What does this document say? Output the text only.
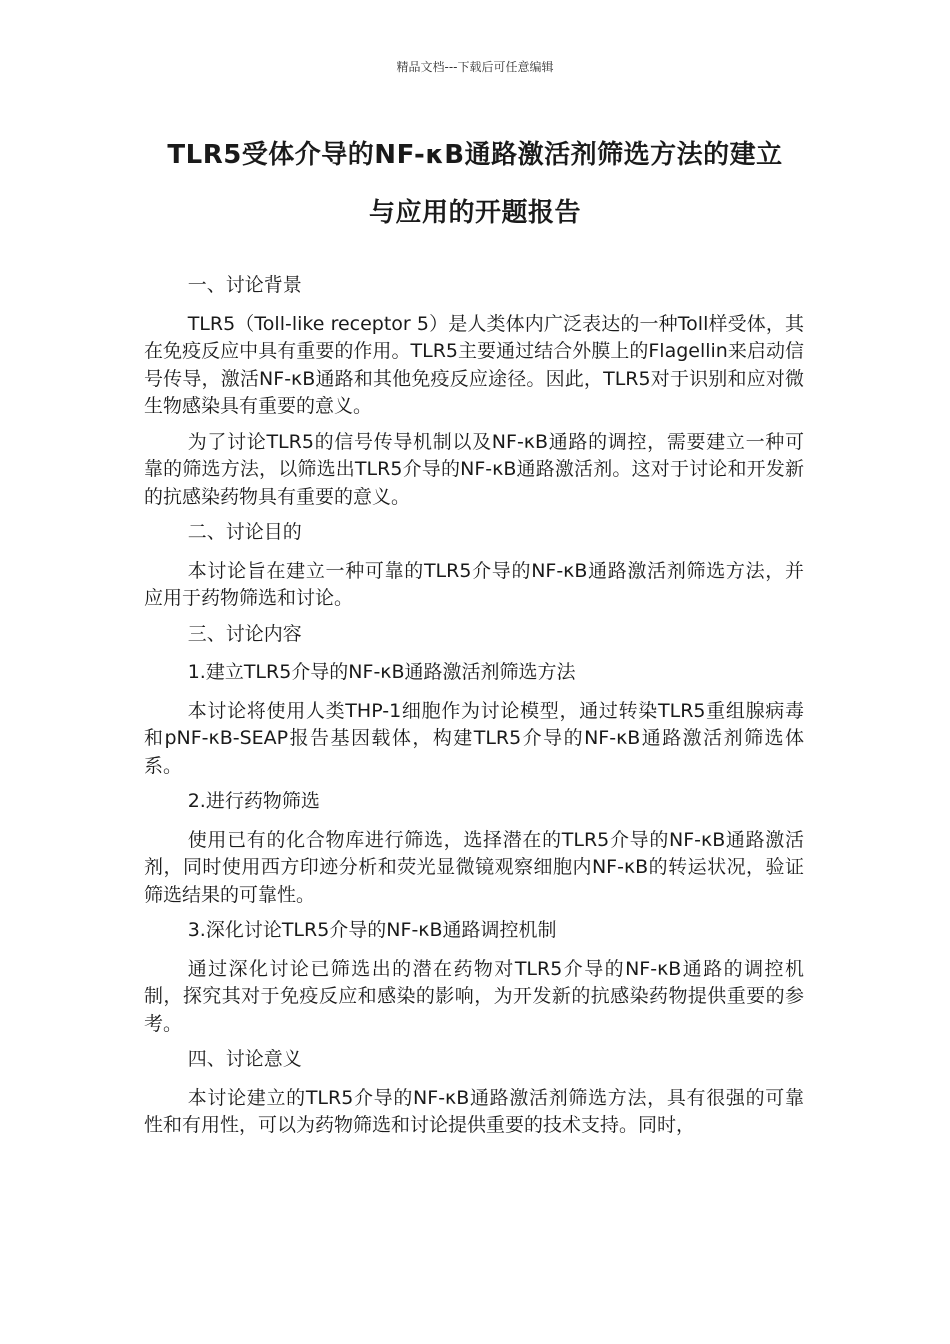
精品文档---下载后可任意编辑
TLR5受体介导的NF-κB通路激活剂筛选方法的建立
与应用的开题报告

一、讨论背景

TLR5（Toll-like receptor 5）是人类体内广泛表达的一种Toll样受体，其在免疫反应中具有重要的作用。TLR5主要通过结合外膜上的Flagellin来启动信号传导，激活NF-κB通路和其他免疫反应途径。因此，TLR5对于识别和应对微生物感染具有重要的意义。

为了讨论TLR5的信号传导机制以及NF-κB通路的调控，需要建立一种可靠的筛选方法，以筛选出TLR5介导的NF-κB通路激活剂。这对于讨论和开发新的抗感染药物具有重要的意义。

二、讨论目的

本讨论旨在建立一种可靠的TLR5介导的NF-κB通路激活剂筛选方法，并应用于药物筛选和讨论。

三、讨论内容

1.建立TLR5介导的NF-κB通路激活剂筛选方法

本讨论将使用人类THP-1细胞作为讨论模型，通过转染TLR5重组腺病毒和pNF-κB-SEAP报告基因载体，构建TLR5介导的NF-κB通路激活剂筛选体系。

2.进行药物筛选

使用已有的化合物库进行筛选，选择潜在的TLR5介导的NF-κB通路激活剂，同时使用西方印迹分析和荧光显微镜观察细胞内NF-κB的转运状况，验证筛选结果的可靠性。

3.深化讨论TLR5介导的NF-κB通路调控机制

通过深化讨论已筛选出的潜在药物对TLR5介导的NF-κB通路的调控机制，探究其对于免疫反应和感染的影响，为开发新的抗感染药物提供重要的参考。

四、讨论意义

本讨论建立的TLR5介导的NF-κB通路激活剂筛选方法，具有很强的可靠性和有用性，可以为药物筛选和讨论提供重要的技术支持。同时，
